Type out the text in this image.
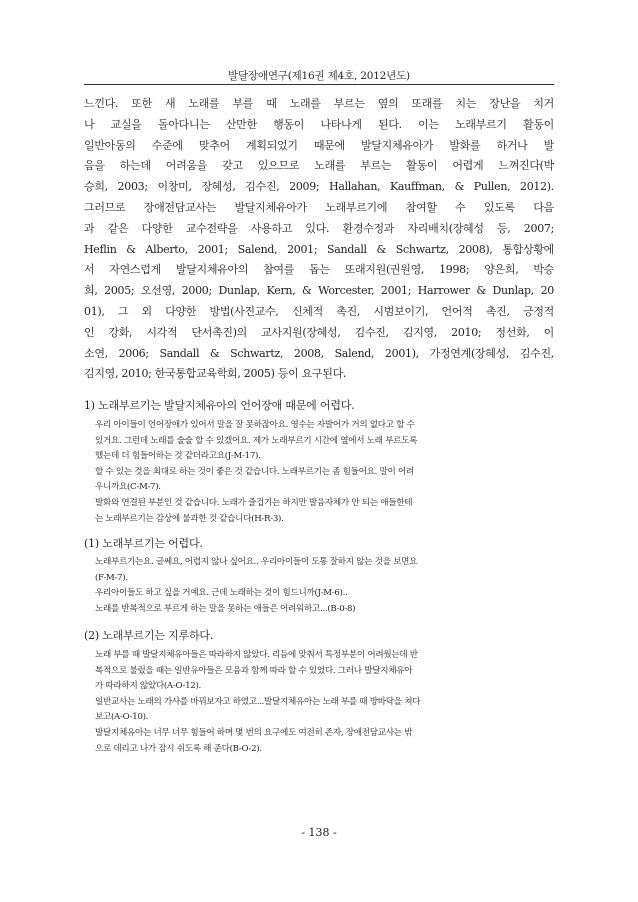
발달장애연구(제16권 제4호, 2012년도)
느낀다. 또한 새 노래를 부를 때 노래를 부르는 옆의 또래를 치는 장난을 치거
나 교실을 돌아다니는 산만한 행동이 나타나게 된다. 이는 노래부르기 활동이
일반아동의 수준에 맞추어 계획되었기 때문에 발달지체유아가 발화를 하거나 발
음을 하는데 어려움을 갖고 있으므로 노래를 부르는 활동이 어렵게 느껴진다(박
승희, 2003; 이창미, 장혜성, 김수진, 2009; Hallahan, Kauffman, & Pullen, 2012).
그러므로 장애전담교사는 발달지체유아가 노래부르기에 참여할 수 있도록 다음
과 같은 다양한 교수전략을 사용하고 있다. 환경수정과 자리배치(장혜성 등, 2007;
Heflin & Alberto, 2001; Salend, 2001; Sandall & Schwartz, 2008), 통합상황에
서 자연스럽게 발달지체유아의 참여를 돕는 또래지원(권원영, 1998; 양은희, 박승
희, 2005; 오선영, 2000; Dunlap, Kern, & Worcester, 2001; Harrower & Dunlap, 20
01), 그 외 다양한 방법(사진교수, 신체적 촉진, 시범보이기, 언어적 촉진, 긍정적
인 강화, 시각적 단서촉진)의 교사지원(장혜성, 김수진, 김지영, 2010; 정선화, 이
소연, 2006; Sandall & Schwartz, 2008, Salend, 2001), 가정연계(장혜성, 김수진,
김지영, 2010; 한국통합교육학회, 2005) 등이 요구된다.
1) 노래부르기는 발달지체유아의 언어장애 때문에 어렵다.
우리 아이들이 언어장애가 있어서 말을 잘 못하잖아요. 영수는 자발어가 거의 없다고 할 수
있거요. 그런데 노래를 술술 할 수 있겠어요. 제가 노래부르기 시간에 옆에서 노래 부르도록
했는데 더 힘들어하는 것 같더라고요(J-M-17).
할 수 있는 것을 최대로 하는 것이 좋은 것 같습니다. 노래부르기는 좀 힘들어요. 말이 어려
우니까요(C-M-7).
발화와 연결된 부분인 것 같습니다. 노래가 즐겁기는 하지만 발음자체가 안 되는 애들한테
는 노래부르기는 감상에 불과한 것 같습니다(H-R-3).
(1) 노래부르기는 어렵다.
노래부르기는요. 글쎄요, 어렵지 않나 싶어요.. 우리아이들이 도통 잘하지 않는 것을 보면요
(F-M-7).
우리아이들도 하고 싶을 거예요. 근데 노래하는 것이 힘드니까(J-M-6)..
노래를 반복적으로 부르게 하는 말을 못하는 애들은 어려워하고...(B-0-8)
(2) 노래부르기는 지루하다.
노래 부를 때 발달지체유아들은 따라하지 않았다. 리듬에 맞춰서 특정부분이 어려웠는데 반
복적으로 불렀을 때는 일반유아들은 모음과 함께 따라 할 수 있었다. 그러나 발달지체유아
가 따라하지 않았다(A-O-12).
일반교사는 노래의 가사를 바꿔보자고 하였고...발달지체유아는 노래 부를 때 방바닥을 쳐다
보고(A-O-10).
발달지체유아는 너무 너무 힘들어 하며 몇 번의 요구에도 여전히 존자, 장애전담교사는 밖
으로 데리고 나가 잠시 쉬도록 해 준다(B-O-2).
- 138 -
